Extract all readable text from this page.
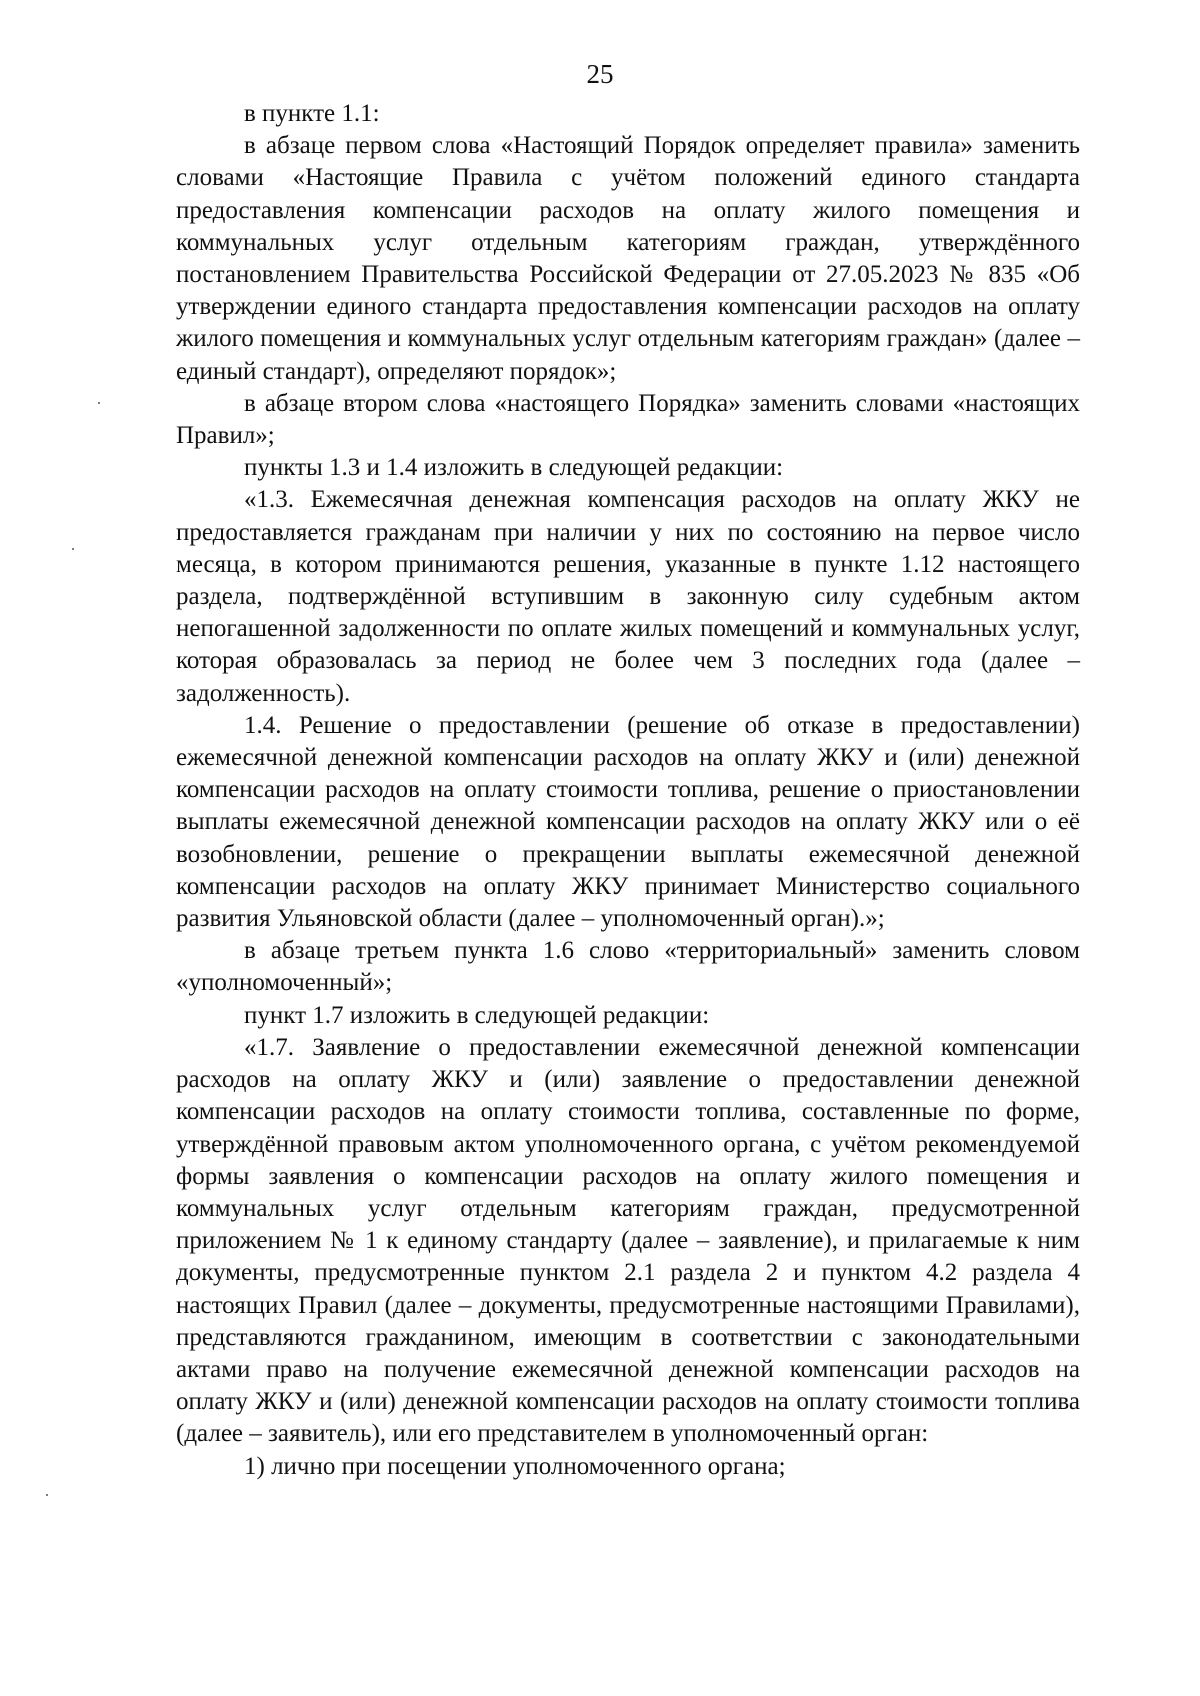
25

в пункте 1.1:

в абзаце первом слова «Настоящий Порядок определяет правила» заменить словами «Настоящие Правила с учётом положений единого стандарта предоставления компенсации расходов на оплату жилого помещения и коммунальных услуг отдельным категориям граждан, утверждённого постановлением Правительства Российской Федерации от 27.05.2023 № 835 «Об утверждении единого стандарта предоставления компенсации расходов на оплату жилого помещения и коммунальных услуг отдельным категориям граждан» (далее – единый стандарт), определяют порядок»;

в абзаце втором слова «настоящего Порядка» заменить словами «настоящих Правил»;

пункты 1.3 и 1.4 изложить в следующей редакции:

«1.3. Ежемесячная денежная компенсация расходов на оплату ЖКУ не предоставляется гражданам при наличии у них по состоянию на первое число месяца, в котором принимаются решения, указанные в пункте 1.12 настоящего раздела, подтверждённой вступившим в законную силу судебным актом непогашенной задолженности по оплате жилых помещений и коммунальных услуг, которая образовалась за период не более чем 3 последних года (далее – задолженность).

1.4. Решение о предоставлении (решение об отказе в предоставлении) ежемесячной денежной компенсации расходов на оплату ЖКУ и (или) денежной компенсации расходов на оплату стоимости топлива, решение о приостановлении выплаты ежемесячной денежной компенсации расходов на оплату ЖКУ или о её возобновлении, решение о прекращении выплаты ежемесячной денежной компенсации расходов на оплату ЖКУ принимает Министерство социального развития Ульяновской области (далее – уполномоченный орган).»;

в абзаце третьем пункта 1.6 слово «территориальный» заменить словом «уполномоченный»;

пункт 1.7 изложить в следующей редакции:

«1.7. Заявление о предоставлении ежемесячной денежной компенсации расходов на оплату ЖКУ и (или) заявление о предоставлении денежной компенсации расходов на оплату стоимости топлива, составленные по форме, утверждённой правовым актом уполномоченного органа, с учётом рекомендуемой формы заявления о компенсации расходов на оплату жилого помещения и коммунальных услуг отдельным категориям граждан, предусмотренной приложением № 1 к единому стандарту (далее – заявление), и прилагаемые к ним документы, предусмотренные пунктом 2.1 раздела 2 и пунктом 4.2 раздела 4 настоящих Правил (далее – документы, предусмотренные настоящими Правилами), представляются гражданином, имеющим в соответствии с законодательными актами право на получение ежемесячной денежной компенсации расходов на оплату ЖКУ и (или) денежной компенсации расходов на оплату стоимости топлива (далее – заявитель), или его представителем в уполномоченный орган:

1) лично при посещении уполномоченного органа;
